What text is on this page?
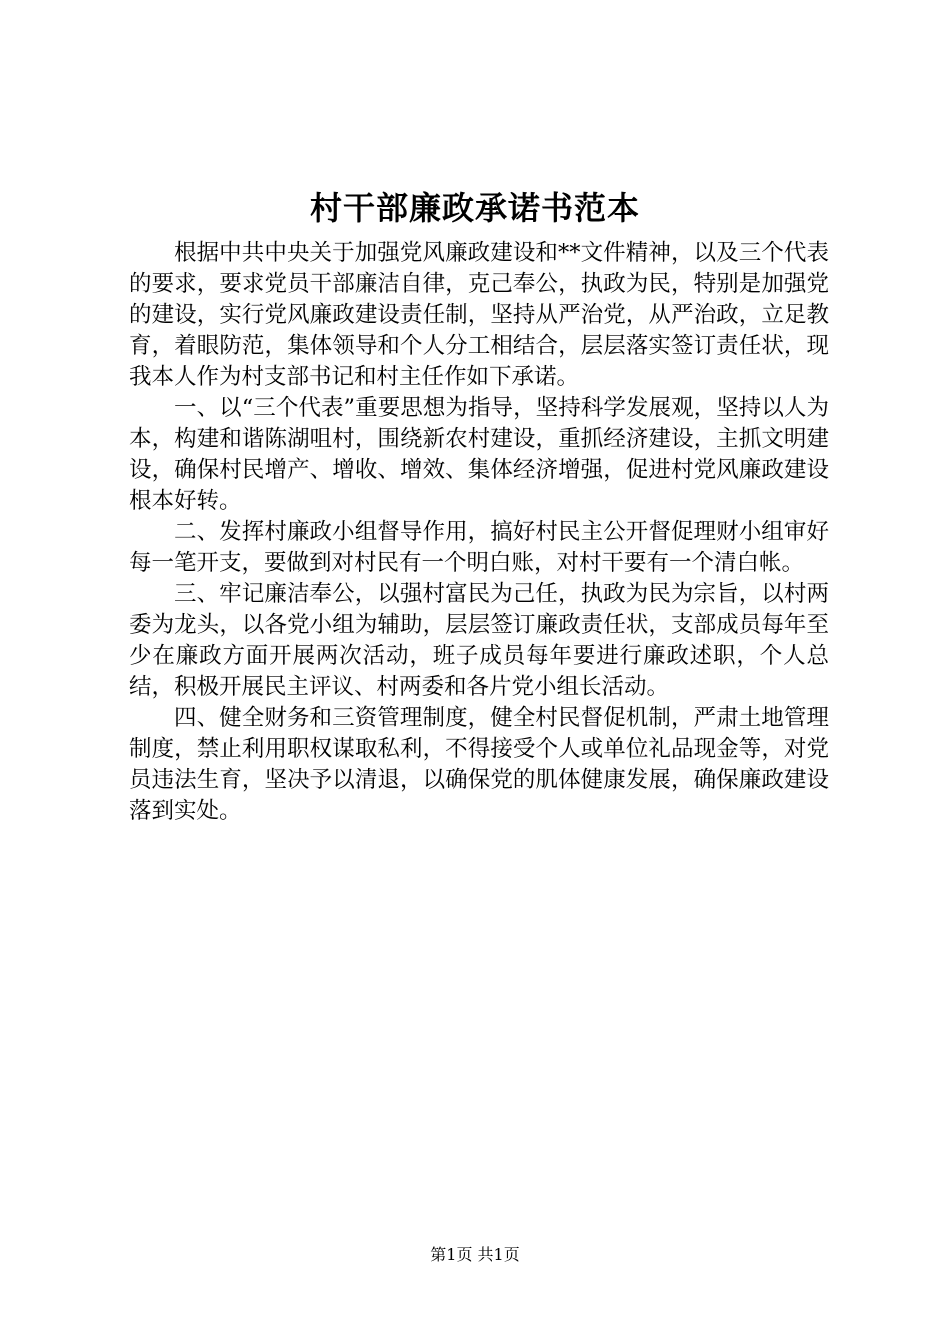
村干部廉政承诺书范本

根据中共中央关于加强党风廉政建设和**文件精神，以及三个代表的要求，要求党员干部廉洁自律，克己奉公，执政为民，特别是加强党的建设，实行党风廉政建设责任制，坚持从严治党，从严治政，立足教育，着眼防范，集体领导和个人分工相结合，层层落实签订责任状，现我本人作为村支部书记和村主任作如下承诺。

一、以“三个代表”重要思想为指导，坚持科学发展观，坚持以人为本，构建和谐陈湖咀村，围绕新农村建设，重抓经济建设，主抓文明建设，确保村民增产、增收、增效、集体经济增强，促进村党风廉政建设根本好转。

二、发挥村廉政小组督导作用，搞好村民主公开督促理财小组审好每一笔开支，要做到对村民有一个明白账，对村干要有一个清白帐。

三、牢记廉洁奉公，以强村富民为己任，执政为民为宗旨，以村两委为龙头，以各党小组为辅助，层层签订廉政责任状，支部成员每年至少在廉政方面开展两次活动，班子成员每年要进行廉政述职，个人总结，积极开展民主评议、村两委和各片党小组长活动。

四、健全财务和三资管理制度，健全村民督促机制，严肃土地管理制度，禁止利用职权谋取私利，不得接受个人或单位礼品现金等，对党员违法生育，坚决予以清退，以确保党的肌体健康发展，确保廉政建设落到实处。

第1页 共1页
